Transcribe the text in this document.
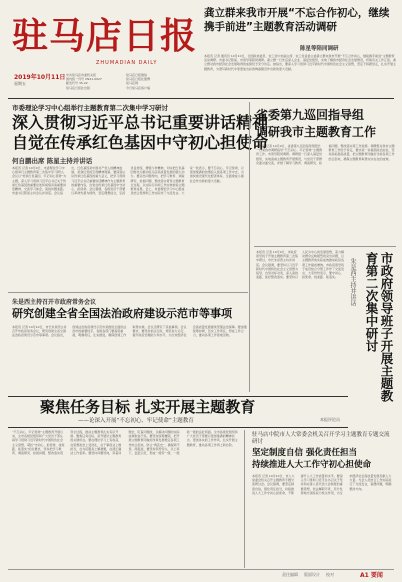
驻马店日报
ZHUMADIAN DAILY
2019年10月11日
星期五
中共驻马店市委机关报
国内统一刊号 CN41-0027
邮发代号 35-22
驻马店日报社出版
驻马店日报微信
驻马店日报社微博
驻马店网
今日驻马店客户端
龚立群来我市开展“不忘合作初心，继续携手前进”主题教育活动调研
陈星等陪同调研
本报讯 记者 通讯员 10月10日，全国政协委员、农工党中央副主席、农工党省委主委龚立群来我市开展“不忘合作初心，继续携手前进”主题教育活动调研。市委书记陈星，市领导等陪同调研。龚立群一行先后深入企业、基层党组织，实地了解我市经济社会发展情况，听取有关工作汇报。龚立群对我市经济社会发展取得的成绩给予充分肯定。她指出，要深入学习贯彻习近平新时代中国特色社会主义思想，坚定不移跟党走，扎实开展主题教育，为谱写新时代中原更加出彩的绚丽篇章作出新的更大贡献。
市委理论学习中心组举行主题教育第二次集中学习研讨
深入贯彻习近平总书记重要讲话精神
自觉在传承红色基因中守初心担使命
何自鹏出席 陈星主持并讲话
本报讯 记者 10月9日，市委理论学习中心组举行主题教育第二次集中学习研讨。会议以“传承红色基因、牢记初心使命”为主题，深入学习贯彻习近平总书记关于传承红色基因的重要论述和视察河南重要讲话精神，交流学习体会，查找问题差距。市委书记陈星主持会议并讲话。会议指出，红色基因是中国共产党人的精神血脉，是我们党的宝贵精神财富。要深刻认识传承红色基因的重大意义，把学习贯彻习近平总书记重要讲话精神作为主题教育的重要内容，自觉在传承红色基因中守初心、担使命。会议强调，各级党员干部要以革命先辈为榜样，坚定理想信念，弘扬优良传统，增强斗争精神，切实把红色基因转化为推动驻马店高质量发展的强大动力。要突出问题导向，把学习教育、调查研究、检视问题、整改落实贯穿主题教育全过程，以实际行动和工作实效检验主题教育成果。会上，市委理论学习中心组成员结合思想和工作实际作了交流发言。大家一致表示，要不忘初心、牢记使命，以更加饱满的热情投入到各项工作中去，为加快建设现代化经济体系、全面建成小康社会作出新的更大贡献。
省委第九巡回指导组
调研我市主题教育工作
本报讯 记者 10月9日，省委第九巡回指导组组长一行来我市调研指导“不忘初心、牢记使命”主题教育工作。市领导陪同调研。调研组一行深入基层党组织，实地查看主题教育开展情况，与党员干部群众面对面交流，详细了解学习教育、调查研究、检视问题、整改落实等工作进展。调研组对我市主题教育工作给予肯定，要求进一步提高政治站位，坚持高标准高质量，把主题教育同做好当前各项工作结合起来，确保主题教育取得实实在在的成效。
市政府领导班子开展主题教育第二次集中研讨
朱是西主持并讲话
本报讯 记者 10月9日，市政府领导班子开展主题教育第二次集中研讨，市长朱是西主持并讲话。会议强调，要坚持以习近平新时代中国特色社会主义思想为指导，自觉对标对表，深入查找差距，抓好整改落实。要坚持以人民为中心的发展思想，着力解决群众反映强烈的突出问题，以主题教育的实际成效推动政府各项工作提质增效。市政府领导班子成员结合分管工作作了交流发言，大家纷纷表示，要守初心、担使命，找差距、抓落实。
朱是西主持召开市政府常务会议
研究创建全省全国法治政府建设示范市等事项
本报讯 记者 10月10日，市长朱是西主持召开市政府常务会议，研究创建全省全国法治政府建设示范市等事项。会议指出，创建法治政府建设示范市是推进全面依法治市的重要抓手，各级各部门要高度重视，明确责任，扎实推进，确保创建工作取得实效。会议还研究了其他事项。会议要求，要坚持依法行政，规范权力运行，提升政府治理能力和水平，为全市经济社会高质量发展提供坚强法治保障。要加强统筹协调，压实工作责任，形成工作合力，推动各项工作落地见效。
聚焦任务目标 扎实开展主题教育
——论深入开展“不忘初心、牢记使命”主题教育	本报评论员
“不忘初心、牢记使命”主题教育开展以来，全市各级党组织和广大党员干部认真学习贯彻习近平新时代中国特色社会主义思想，紧扣“守初心、担使命，找差距、抓落实”的总要求，坚持把学习教育、调查研究、检视问题、整改落实贯穿全过程，推动主题教育扎实有序开展。聚焦任务目标，是开展好主题教育的关键所在。要在理论学习上有收获，在思想政治上受洗礼，在干事创业上敢担当，在为民服务上解难题，在清正廉洁上作表率。要坚持问题导向，奔着问题去，盯着问题改，以解决问题的实际成效取信于民。要坚持统筹兼顾，把开展主题教育同做好改革发展稳定各项工作结合起来，防止“两张皮”，确保两不误、两促进。要坚持领导带头，以上率下，层层示范，形成一级带一级、一级抓一级的良好局面。全市各级党组织和广大党员干部要以更加饱满的精神状态、更加务实的工作作风，扎实开展主题教育，推动各项工作再上新台阶。
驻马店中院市人大常委会机关召开学习主题教育专题交流研讨
坚定制度自信 强化责任担当
持续推进人大工作守初心担使命
本报讯 记者 10月10日，市人大常委会机关召开主题教育专题交流研讨会。会议强调，要坚定制度自信，强化责任担当，持续推进人大工作守初心担使命，不断提升人大工作质量和水平。要深入学习贯彻习近平总书记关于坚持和完善人民代表大会制度的重要思想，依法履职尽责，充分发挥地方国家权力机关作用，为全市经济社会高质量发展贡献人大力量。与会人员结合工作实际进行了交流发言，查摆问题，明确整改方向。
责任编辑 版面设计 校对	A1 要闻
